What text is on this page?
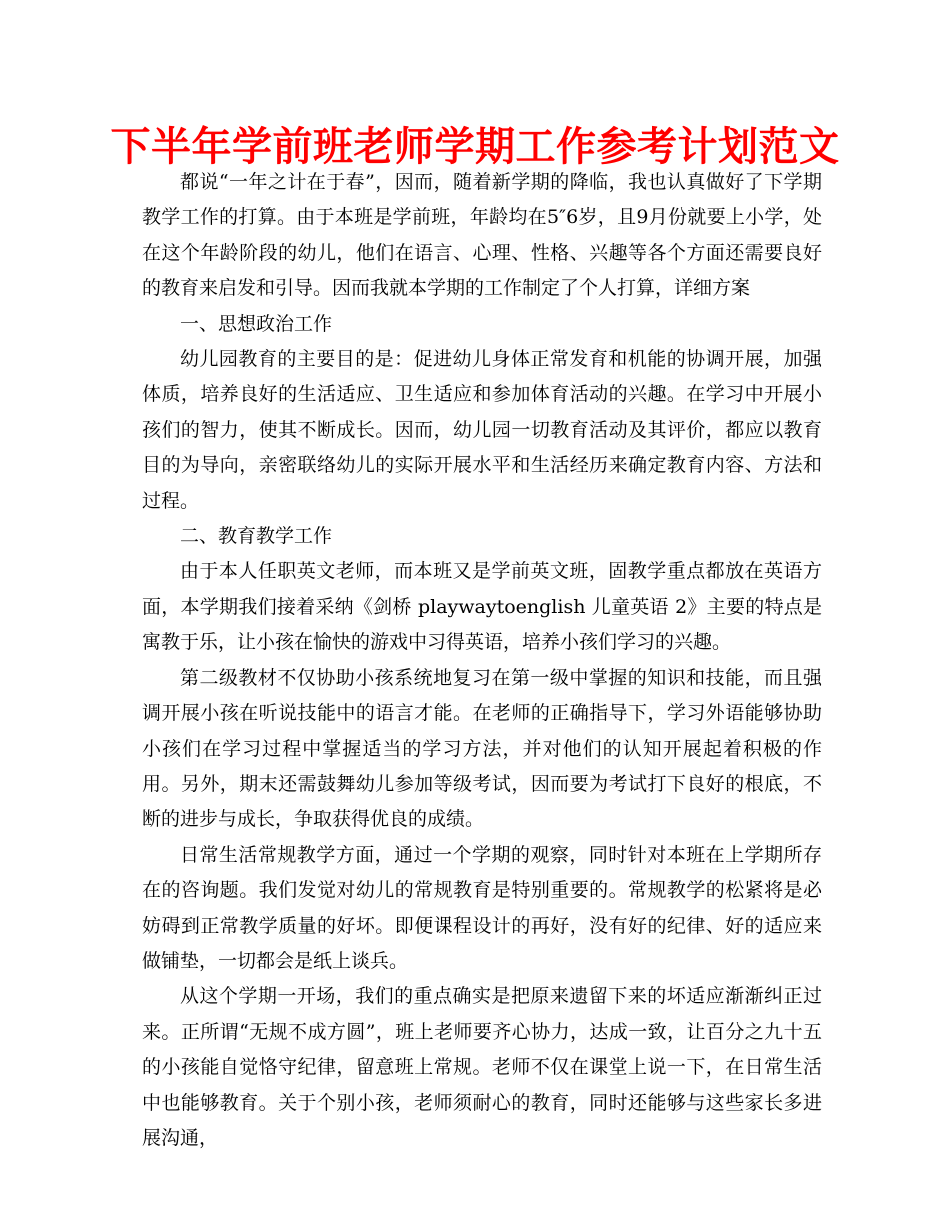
下半年学前班老师学期工作参考计划范文

都说“一年之计在于春”，因而，随着新学期的降临，我也认真做好了下学期教学工作的打算。由于本班是学前班，年龄均在5″6岁，且9月份就要上小学，处在这个年龄阶段的幼儿，他们在语言、心理、性格、兴趣等各个方面还需要良好的教育来启发和引导。因而我就本学期的工作制定了个人打算，详细方案

一、思想政治工作

幼儿园教育的主要目的是：促进幼儿身体正常发育和机能的协调开展，加强体质，培养良好的生活适应、卫生适应和参加体育活动的兴趣。在学习中开展小孩们的智力，使其不断成长。因而，幼儿园一切教育活动及其评价，都应以教育目的为导向，亲密联络幼儿的实际开展水平和生活经历来确定教育内容、方法和过程。

二、教育教学工作

由于本人任职英文老师，而本班又是学前英文班，固教学重点都放在英语方面，本学期我们接着采纳《剑桥 playwaytoenglish 儿童英语 2》主要的特点是寓教于乐，让小孩在愉快的游戏中习得英语，培养小孩们学习的兴趣。

第二级教材不仅协助小孩系统地复习在第一级中掌握的知识和技能，而且强调开展小孩在听说技能中的语言才能。在老师的正确指导下，学习外语能够协助小孩们在学习过程中掌握适当的学习方法，并对他们的认知开展起着积极的作用。另外，期末还需鼓舞幼儿参加等级考试，因而要为考试打下良好的根底，不断的进步与成长，争取获得优良的成绩。

日常生活常规教学方面，通过一个学期的观察，同时针对本班在上学期所存在的咨询题。我们发觉对幼儿的常规教育是特别重要的。常规教学的松紧将是必妨碍到正常教学质量的好坏。即便课程设计的再好，没有好的纪律、好的适应来做铺垫，一切都会是纸上谈兵。

从这个学期一开场，我们的重点确实是把原来遗留下来的坏适应渐渐纠正过来。正所谓“无规不成方圆”，班上老师要齐心协力，达成一致，让百分之九十五的小孩能自觉恪守纪律，留意班上常规。老师不仅在课堂上说一下，在日常生活中也能够教育。关于个别小孩，老师须耐心的教育，同时还能够与这些家长多进展沟通，
